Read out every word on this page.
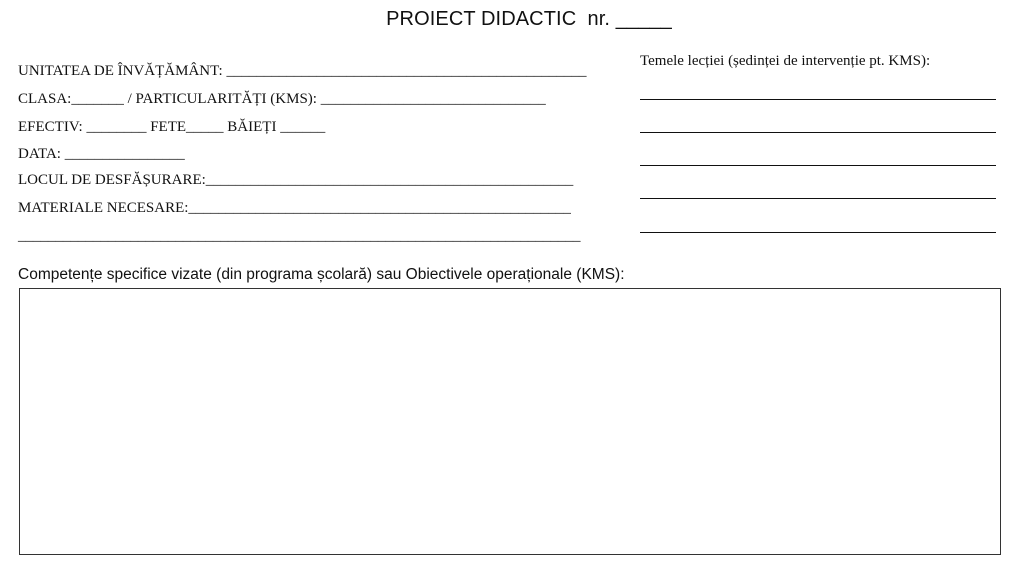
PROIECT DIDACTIC  nr. _____
UNITATEA DE ÎNVĂȚĂMÂNT: ________________________________________________
CLASA:_______ / PARTICULARITĂȚI (KMS): ______________________________
EFECTIV: ________ FETE_____ BĂIEȚI ______
DATA: ________________
LOCUL DE DESFĂȘURARE:_________________________________________________
MATERIALE NECESARE:___________________________________________________
___________________________________________________________________________
Temele lecției (ședinței de intervenție pt. KMS):
Competențe specifice vizate (din programa școlară) sau Obiectivele operaționale (KMS):
